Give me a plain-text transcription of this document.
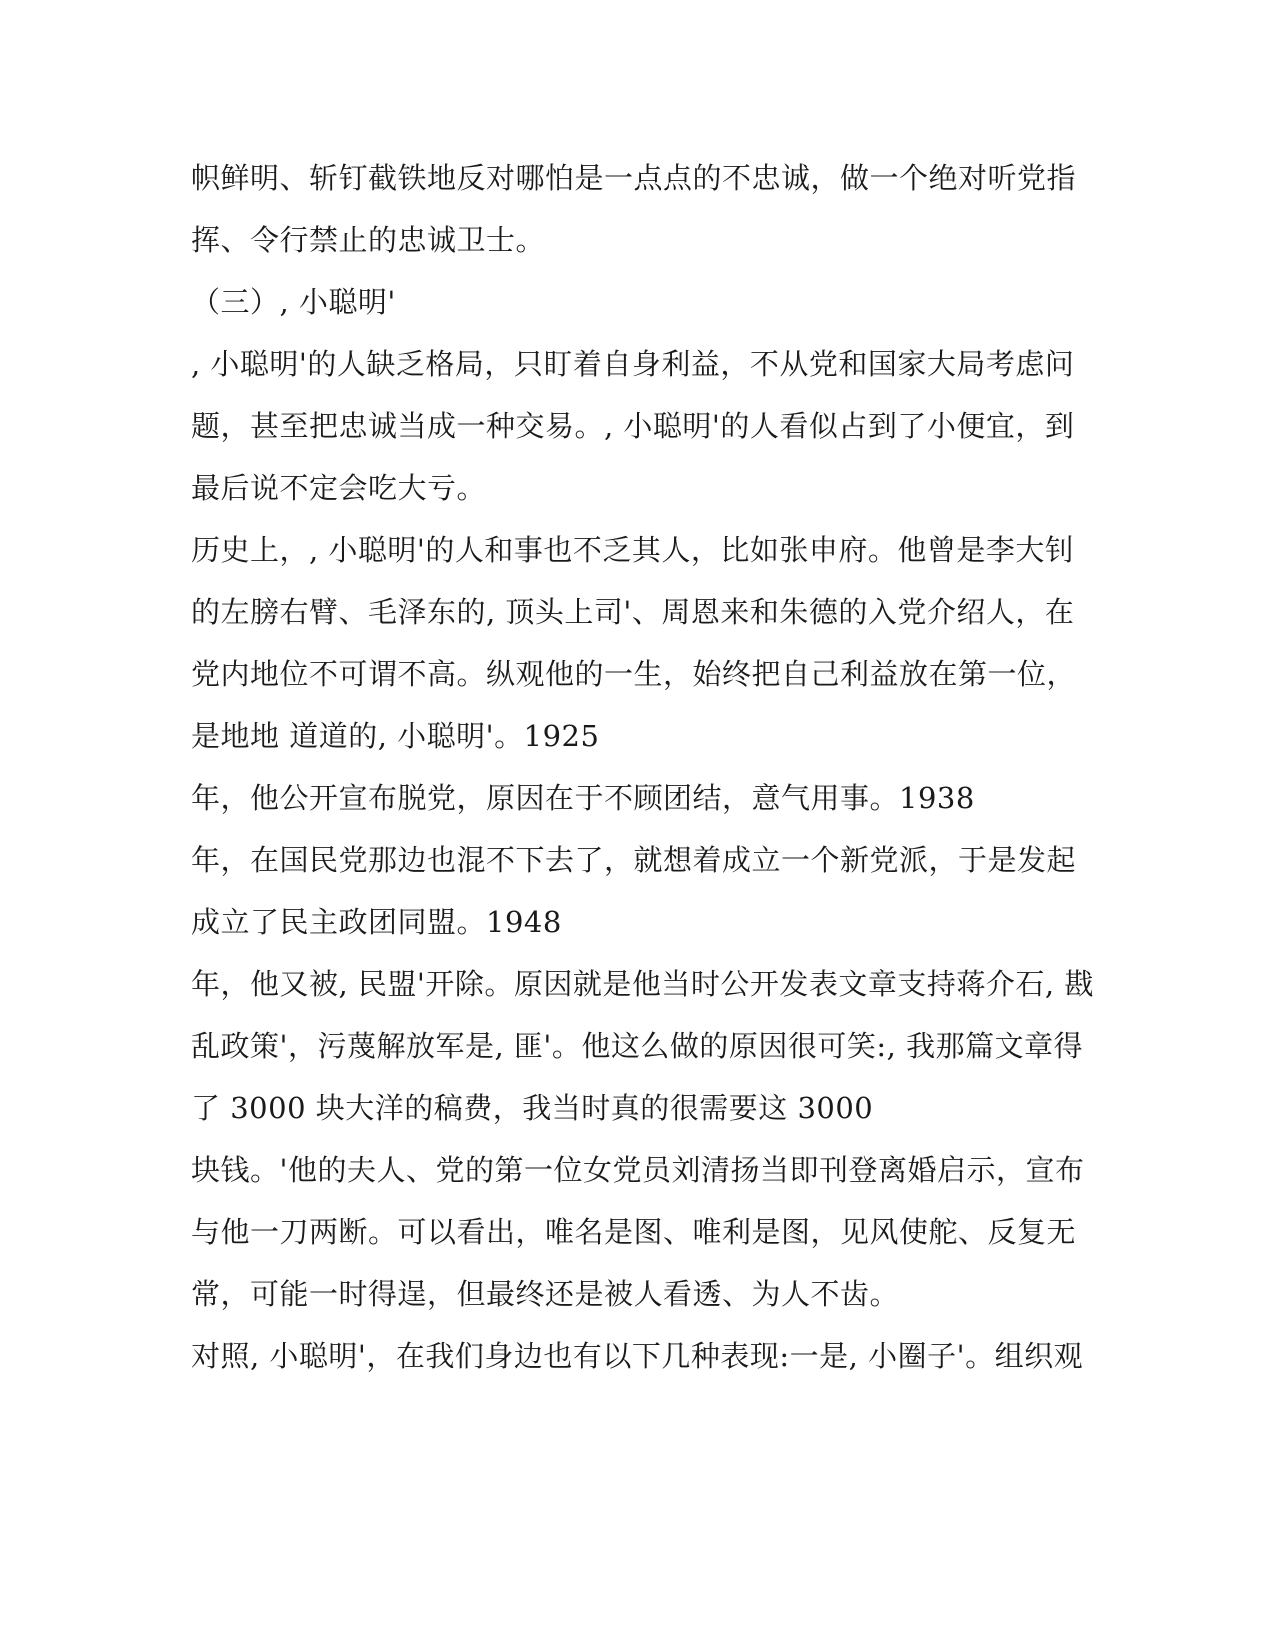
帜鲜明、斩钉截铁地反对哪怕是一点点的不忠诚，做一个绝对听党指
挥、令行禁止的忠诚卫士。
（三）, 小聪明'
, 小聪明'的人缺乏格局，只盯着自身利益，不从党和国家大局考虑问
题，甚至把忠诚当成一种交易。, 小聪明'的人看似占到了小便宜，到
最后说不定会吃大亏。
历史上，, 小聪明'的人和事也不乏其人，比如张申府。他曾是李大钊
的左膀右臂、毛泽东的, 顶头上司'、周恩来和朱德的入党介绍人，在
党内地位不可谓不高。纵观他的一生，始终把自己利益放在第一位，
是地地 道道的, 小聪明'。1925
年，他公开宣布脱党，原因在于不顾团结，意气用事。1938
年，在国民党那边也混不下去了，就想着成立一个新党派，于是发起
成立了民主政团同盟。1948
年，他又被, 民盟'开除。原因就是他当时公开发表文章支持蒋介石, 戡
乱政策'，污蔑解放军是, 匪'。他这么做的原因很可笑:, 我那篇文章得
了 3000 块大洋的稿费，我当时真的很需要这 3000
块钱。'他的夫人、党的第一位女党员刘清扬当即刊登离婚启示，宣布
与他一刀两断。可以看出，唯名是图、唯利是图，见风使舵、反复无
常，可能一时得逞，但最终还是被人看透、为人不齿。
对照, 小聪明'，在我们身边也有以下几种表现:一是, 小圈子'。组织观
